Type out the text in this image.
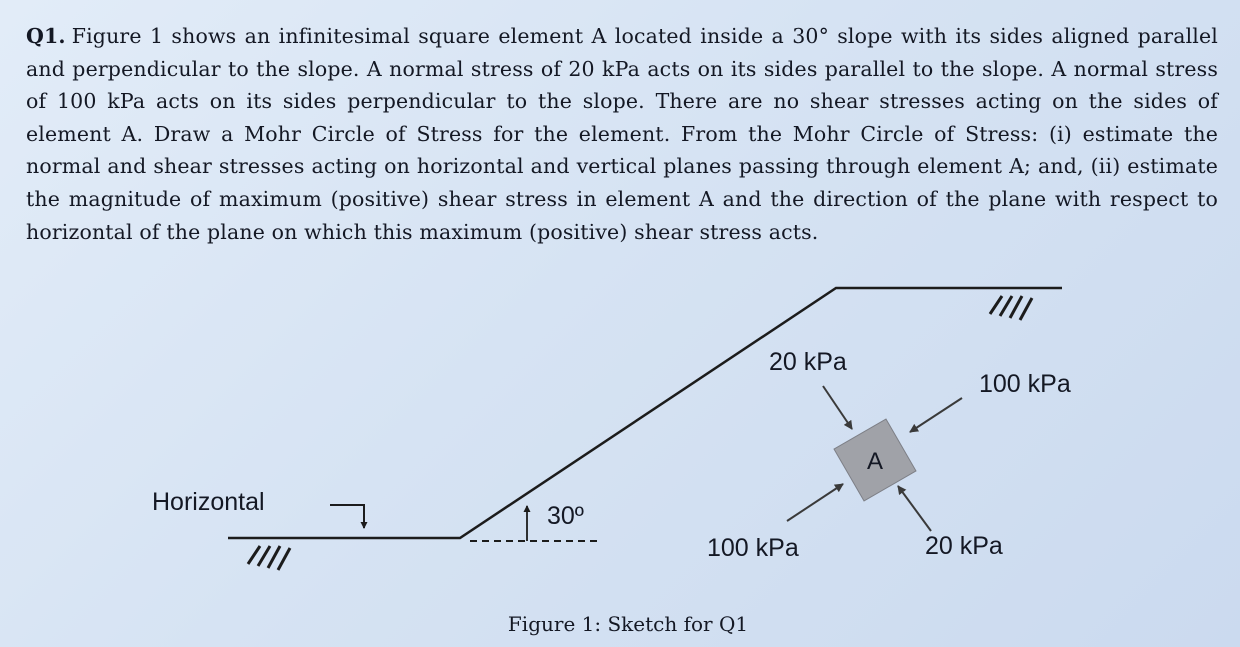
Q1. Figure 1 shows an infinitesimal square element A located inside a 30° slope with its sides aligned parallel and perpendicular to the slope. A normal stress of 20 kPa acts on its sides parallel to the slope. A normal stress of 100 kPa acts on its sides perpendicular to the slope. There are no shear stresses acting on the sides of element A. Draw a Mohr Circle of Stress for the element. From the Mohr Circle of Stress: (i) estimate the normal and shear stresses acting on horizontal and vertical planes passing through element A; and, (ii) estimate the magnitude of maximum (positive) shear stress in element A and the direction of the plane with respect to horizontal of the plane on which this maximum (positive) shear stress acts.

Horizontal	30º
A
20 kPa
100 kPa
100 kPa	20 kPa
Figure 1: Sketch for Q1
